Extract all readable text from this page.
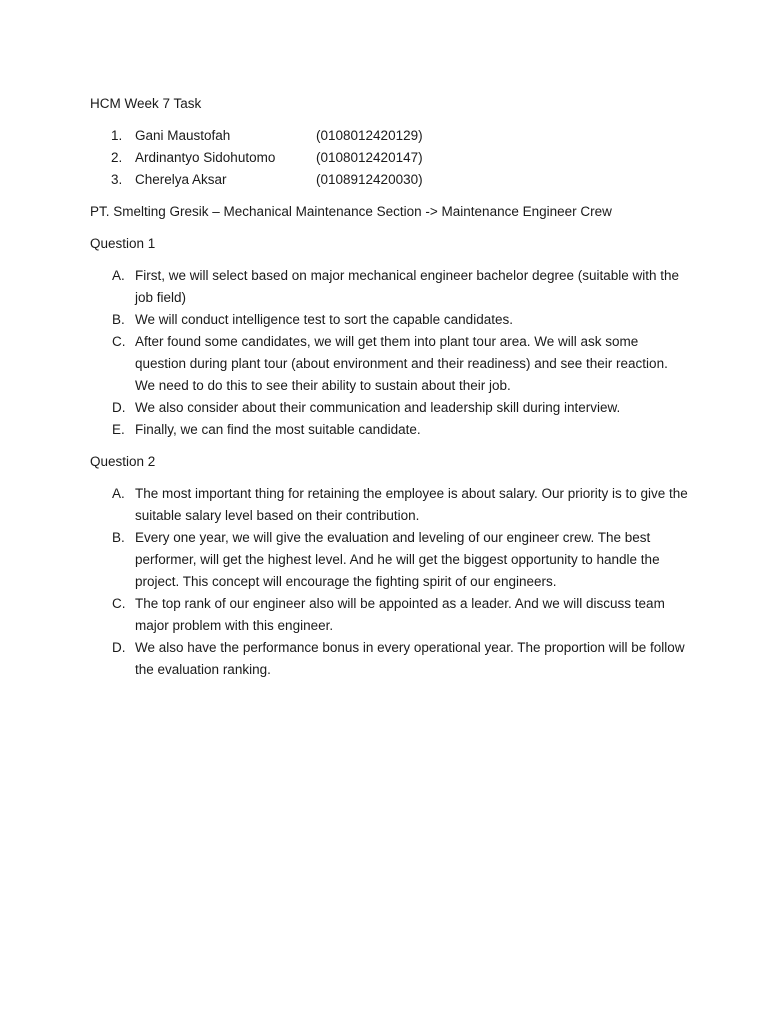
HCM Week 7 Task

1. Gani Maustofah	(0108012420129)
2. Ardinantyo Sidohutomo	(0108012420147)
3. Cherelya Aksar	(0108912420030)

PT. Smelting Gresik – Mechanical Maintenance Section -> Maintenance Engineer Crew

Question 1

A. First, we will select based on major mechanical engineer bachelor degree (suitable with the job field)
B. We will conduct intelligence test to sort the capable candidates.
C. After found some candidates, we will get them into plant tour area. We will ask some question during plant tour (about environment and their readiness) and see their reaction. We need to do this to see their ability to sustain about their job.
D. We also consider about their communication and leadership skill during interview.
E. Finally, we can find the most suitable candidate.

Question 2

A. The most important thing for retaining the employee is about salary. Our priority is to give the suitable salary level based on their contribution.
B. Every one year, we will give the evaluation and leveling of our engineer crew. The best performer, will get the highest level. And he will get the biggest opportunity to handle the project. This concept will encourage the fighting spirit of our engineers.
C. The top rank of our engineer also will be appointed as a leader. And we will discuss team major problem with this engineer.
D. We also have the performance bonus in every operational year. The proportion will be follow the evaluation ranking.
